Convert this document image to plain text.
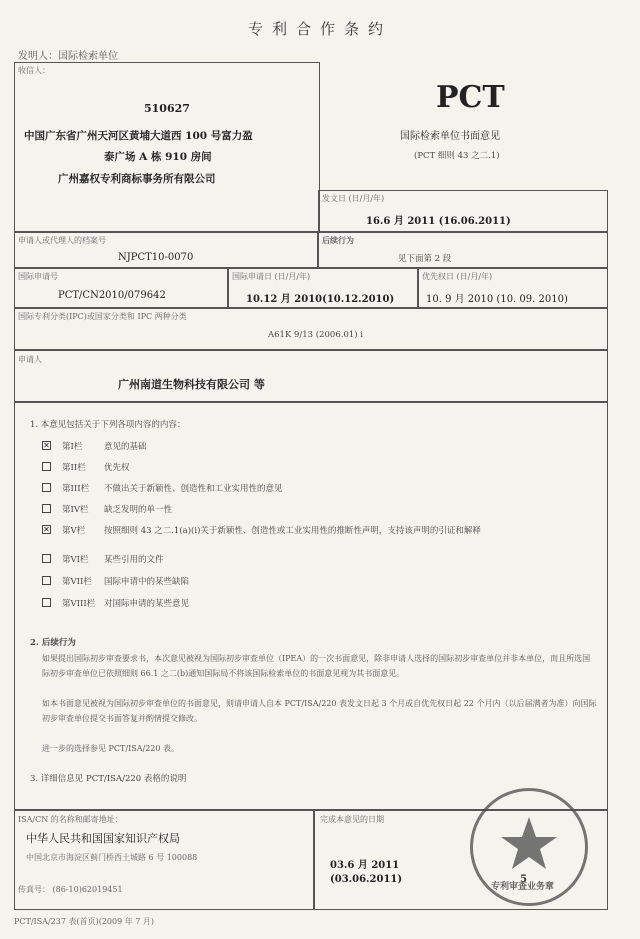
专利合作条约
发明人：国际检索单位
收信人：
510627
中国广东省广州天河区黄埔大道西 100 号富力盈
泰广场 A 栋 910 房间
广州嘉权专利商标事务所有限公司
PCT
国际检索单位书面意见
(PCT 细则 43 之二.1)
发文日 (日/月/年)
16.6 月 2011 (16.06.2011)
申请人或代理人的档案号
NJPCT10-0070
后续行为
见下面第 2 段
国际申请号
PCT/CN2010/079642
国际申请日 (日/月/年)
10.12 月 2010(10.12.2010)
优先权日 (日/月/年)
10. 9 月 2010 (10. 09. 2010)
国际专利分类(IPC)或国家分类和 IPC 两种分类
A61K 9/13 (2006.01) i
申请人
广州南道生物科技有限公司 等
1. 本意见包括关于下列各项内容的内容：
✕ 第I栏	意见的基础
第II栏 优先权
第III栏 不做出关于新颖性、创造性和工业实用性的意见
第IV栏 缺乏发明的单一性
✕ 第V栏 按照细则 43 之二.1(a)(i)关于新颖性、创造性或工业实用性的推断性声明，支持该声明的引证和解释
第VI栏 某些引用的文件
第VII栏 国际申请中的某些缺陷
第VIII栏 对国际申请的某些意见
2. 后续行为
如果提出国际初步审查要求书，本次意见被视为国际初步审查单位（IPEA）的一次书面意见，除非申请人选择的国际初步审查单位并非本单位，而且所选国际初步审查单位已依照细则 66.1 之二(b)通知国际局不将该国际检索单位的书面意见视为其书面意见。
如本书面意见被视为国际初步审查单位的书面意见，则请申请人自本 PCT/ISA/220 表发文日起 3 个月或自优先权日起 22 个月内（以后届满者为准）向国际初步审查单位提交书面答复并酌情提交修改。
进一步的选择参见 PCT/ISA/220 表。
3. 详细信息见 PCT/ISA/220 表格的说明
ISA/CN 的名称和邮寄地址：
中华人民共和国国家知识产权局
中国北京市海淀区蓟门桥西土城路 6 号 100088
传真号： (86-10)62019451
完成本意见的日期
03.6 月 2011
(03.06.2011)
专利审查业务章
5
PCT/ISA/237 表(首页)(2009 年 7 月)
